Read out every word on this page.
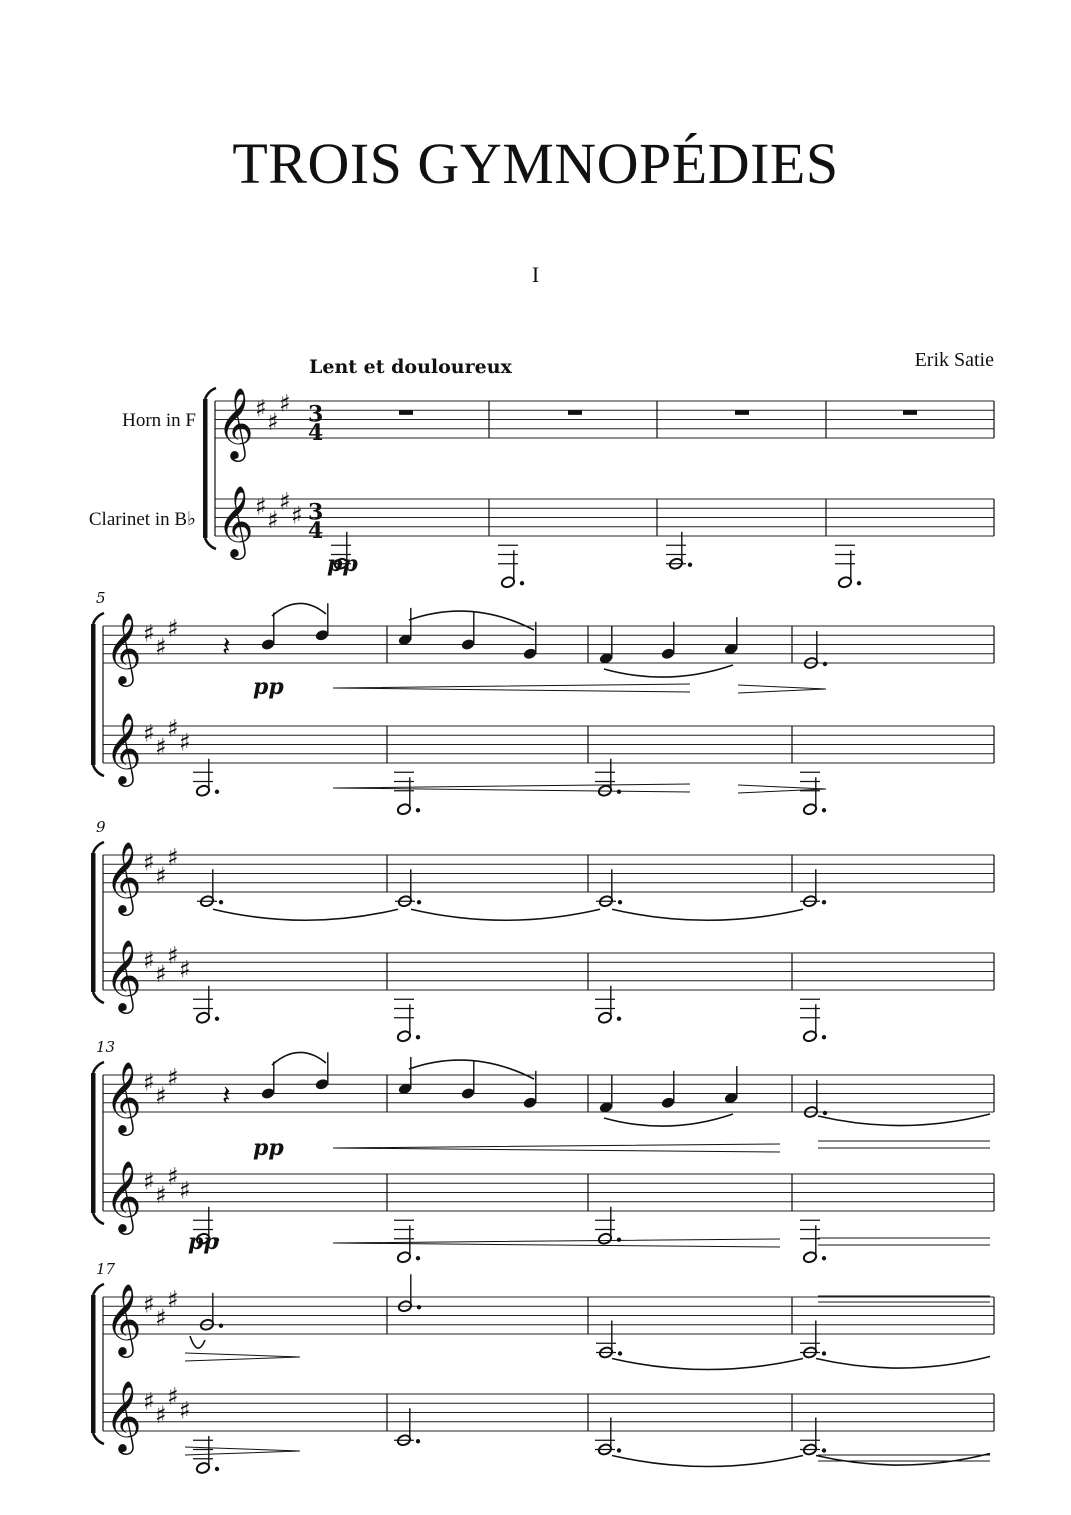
TROIS GYMNOPÉDIES
I
Erik Satie
Lent et douloureux
Horn in F
Clarinet in B♭
𝄽
𝄽
𝄞
𝄞
♯ ♯
♯
♯ ♯
♯ ♯
3
4
3
4
𝄞
𝄞
♯ ♯
♯
♯ ♯
♯ ♯
5
𝄞
𝄞
♯ ♯
♯
♯ ♯
♯ ♯
9
𝄞
𝄞
♯ ♯
♯
♯ ♯
♯ ♯
13
𝄞
𝄞
♯ ♯
♯
♯ ♯
♯ ♯
17
pp
pp
pp
pp
